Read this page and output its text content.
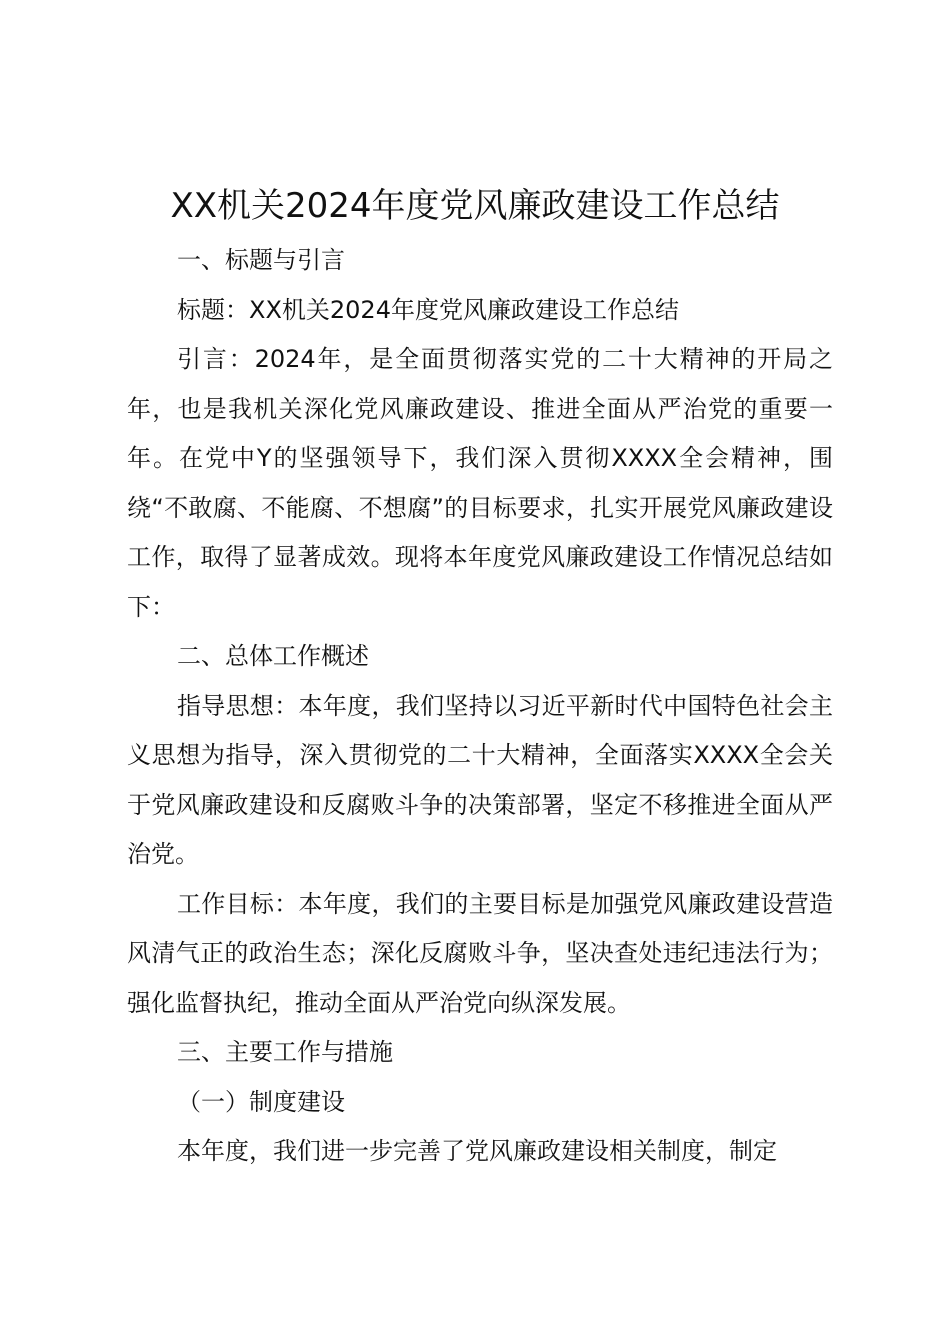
XX机关2024年度党风廉政建设工作总结

一、标题与引言

标题：XX机关2024年度党风廉政建设工作总结

引言：2024年，是全面贯彻落实党的二十大精神的开局之年，也是我机关深化党风廉政建设、推进全面从严治党的重要一年。在党中Y的坚强领导下，我们深入贯彻XXXX全会精神，围绕“不敢腐、不能腐、不想腐”的目标要求，扎实开展党风廉政建设工作，取得了显著成效。现将本年度党风廉政建设工作情况总结如下：

二、总体工作概述

指导思想：本年度，我们坚持以习近平新时代中国特色社会主义思想为指导，深入贯彻党的二十大精神，全面落实XXXX全会关于党风廉政建设和反腐败斗争的决策部署，坚定不移推进全面从严治党。

工作目标：本年度，我们的主要目标是加强党风廉政建设营造风清气正的政治生态；深化反腐败斗争，坚决查处违纪违法行为；强化监督执纪，推动全面从严治党向纵深发展。

三、主要工作与措施

（一）制度建设

本年度，我们进一步完善了党风廉政建设相关制度，制定
